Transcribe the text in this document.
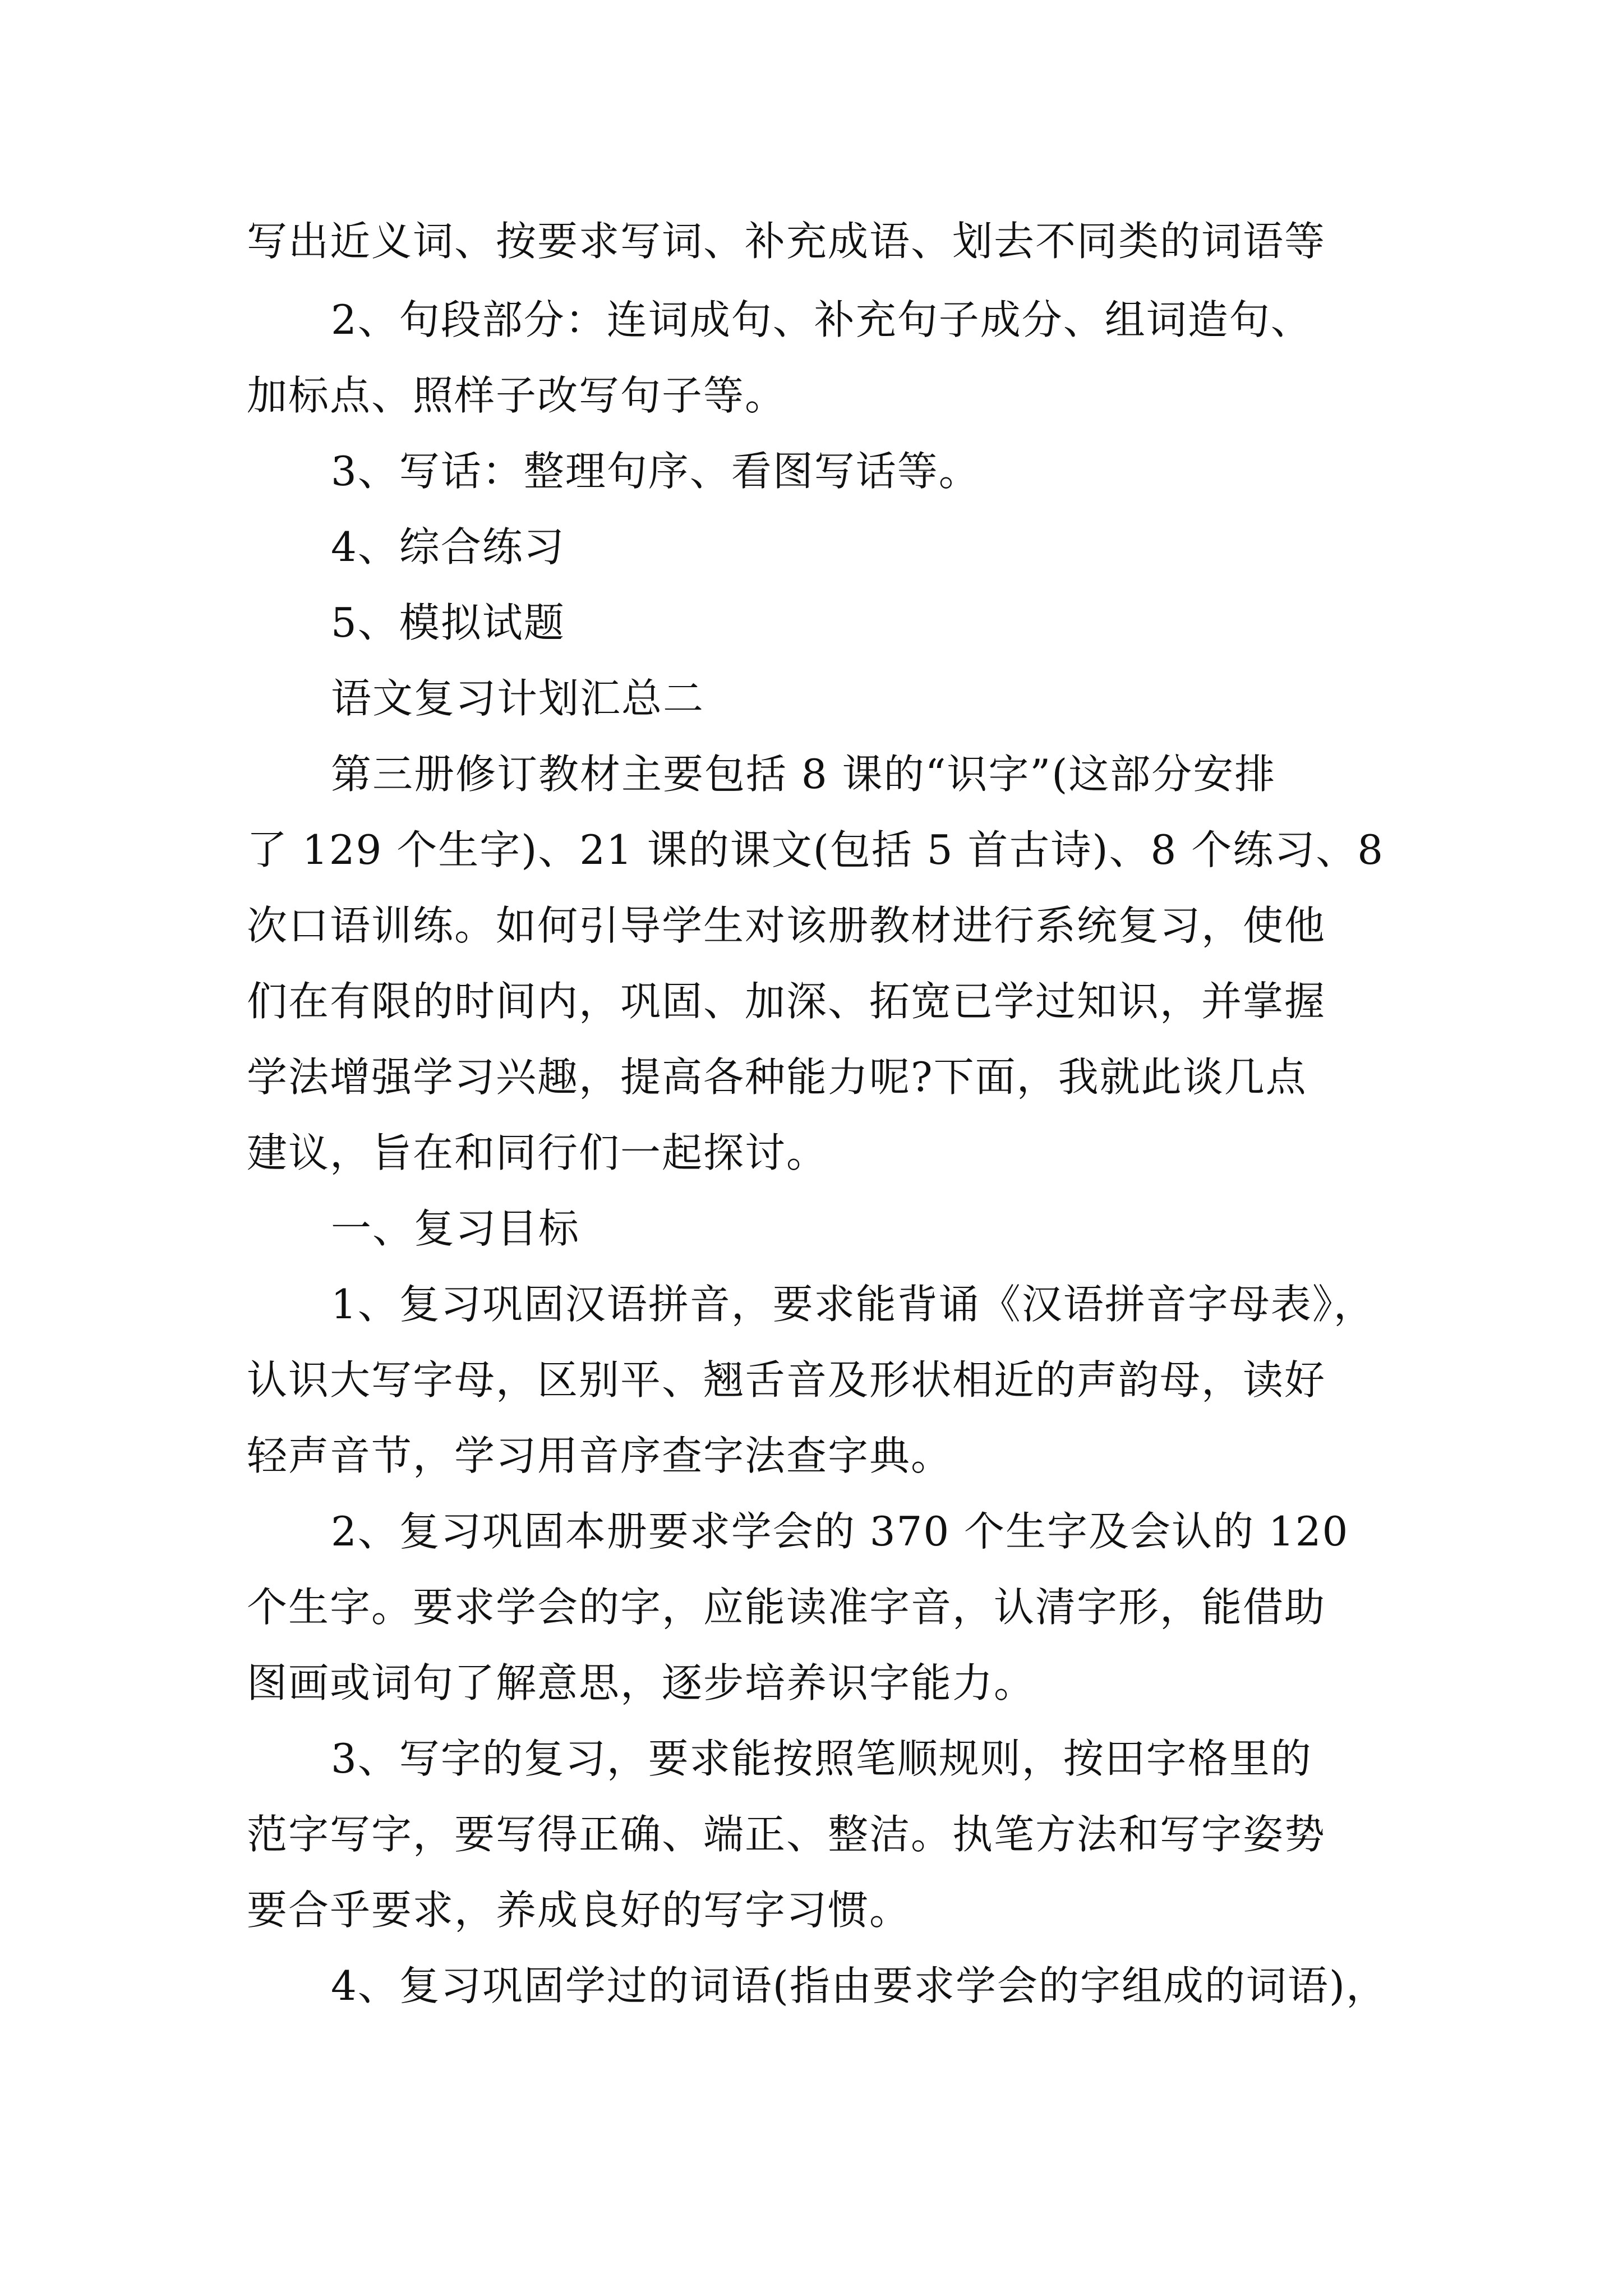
写出近义词、按要求写词、补充成语、划去不同类的词语等
2、句段部分：连词成句、补充句子成分、组词造句、
加标点、照样子改写句子等。
3、写话：整理句序、看图写话等。
4、综合练习
5、模拟试题
语文复习计划汇总二
第三册修订教材主要包括 8 课的“识字”(这部分安排
了 129 个生字)、21 课的课文(包括 5 首古诗)、8 个练习、8
次口语训练。如何引导学生对该册教材进行系统复习，使他
们在有限的时间内，巩固、加深、拓宽已学过知识，并掌握
学法增强学习兴趣，提高各种能力呢?下面，我就此谈几点
建议，旨在和同行们一起探讨。
一、复习目标
1、复习巩固汉语拼音，要求能背诵《汉语拼音字母表》，
认识大写字母，区别平、翘舌音及形状相近的声韵母，读好
轻声音节，学习用音序查字法查字典。
2、复习巩固本册要求学会的 370 个生字及会认的 120
个生字。要求学会的字，应能读准字音，认清字形，能借助
图画或词句了解意思，逐步培养识字能力。
3、写字的复习，要求能按照笔顺规则，按田字格里的
范字写字，要写得正确、端正、整洁。执笔方法和写字姿势
要合乎要求，养成良好的写字习惯。
4、复习巩固学过的词语(指由要求学会的字组成的词语)，
